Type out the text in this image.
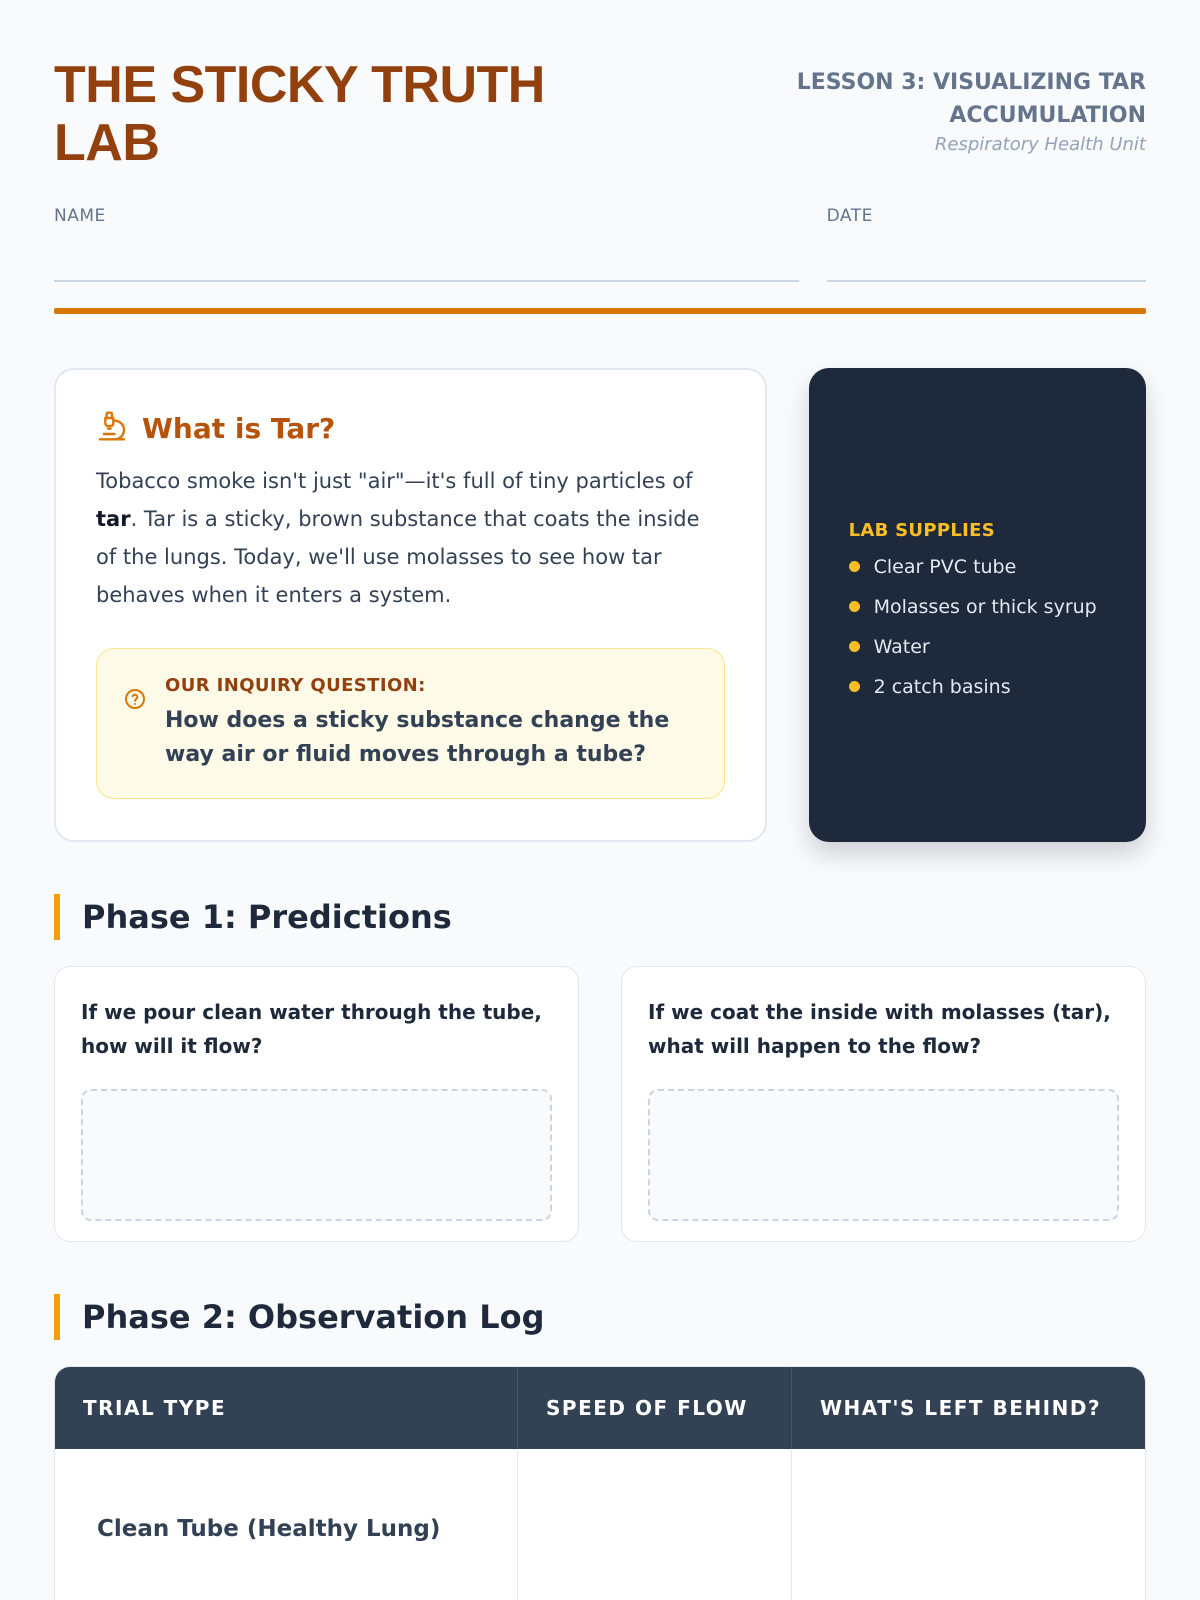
THE STICKY TRUTH LAB
LESSON 3: VISUALIZING TAR ACCUMULATION
Respiratory Health Unit
NAME	DATE
What is Tar?

Tobacco smoke isn't just "air"—it's full of tiny particles of tar. Tar is a sticky, brown substance that coats the inside of the lungs. Today, we'll use molasses to see how tar behaves when it enters a system.

OUR INQUIRY QUESTION:
How does a sticky substance change the way air or fluid moves through a tube?
LAB SUPPLIES
Clear PVC tube
Molasses or thick syrup
Water
2 catch basins
Phase 1: Predictions

If we pour clean water through the tube, how will it flow?

If we coat the inside with molasses (tar), what will happen to the flow?

Phase 2: Observation Log
TRIAL TYPE	SPEED OF FLOW	WHAT'S LEFT BEHIND?
Clean Tube (Healthy Lung)
